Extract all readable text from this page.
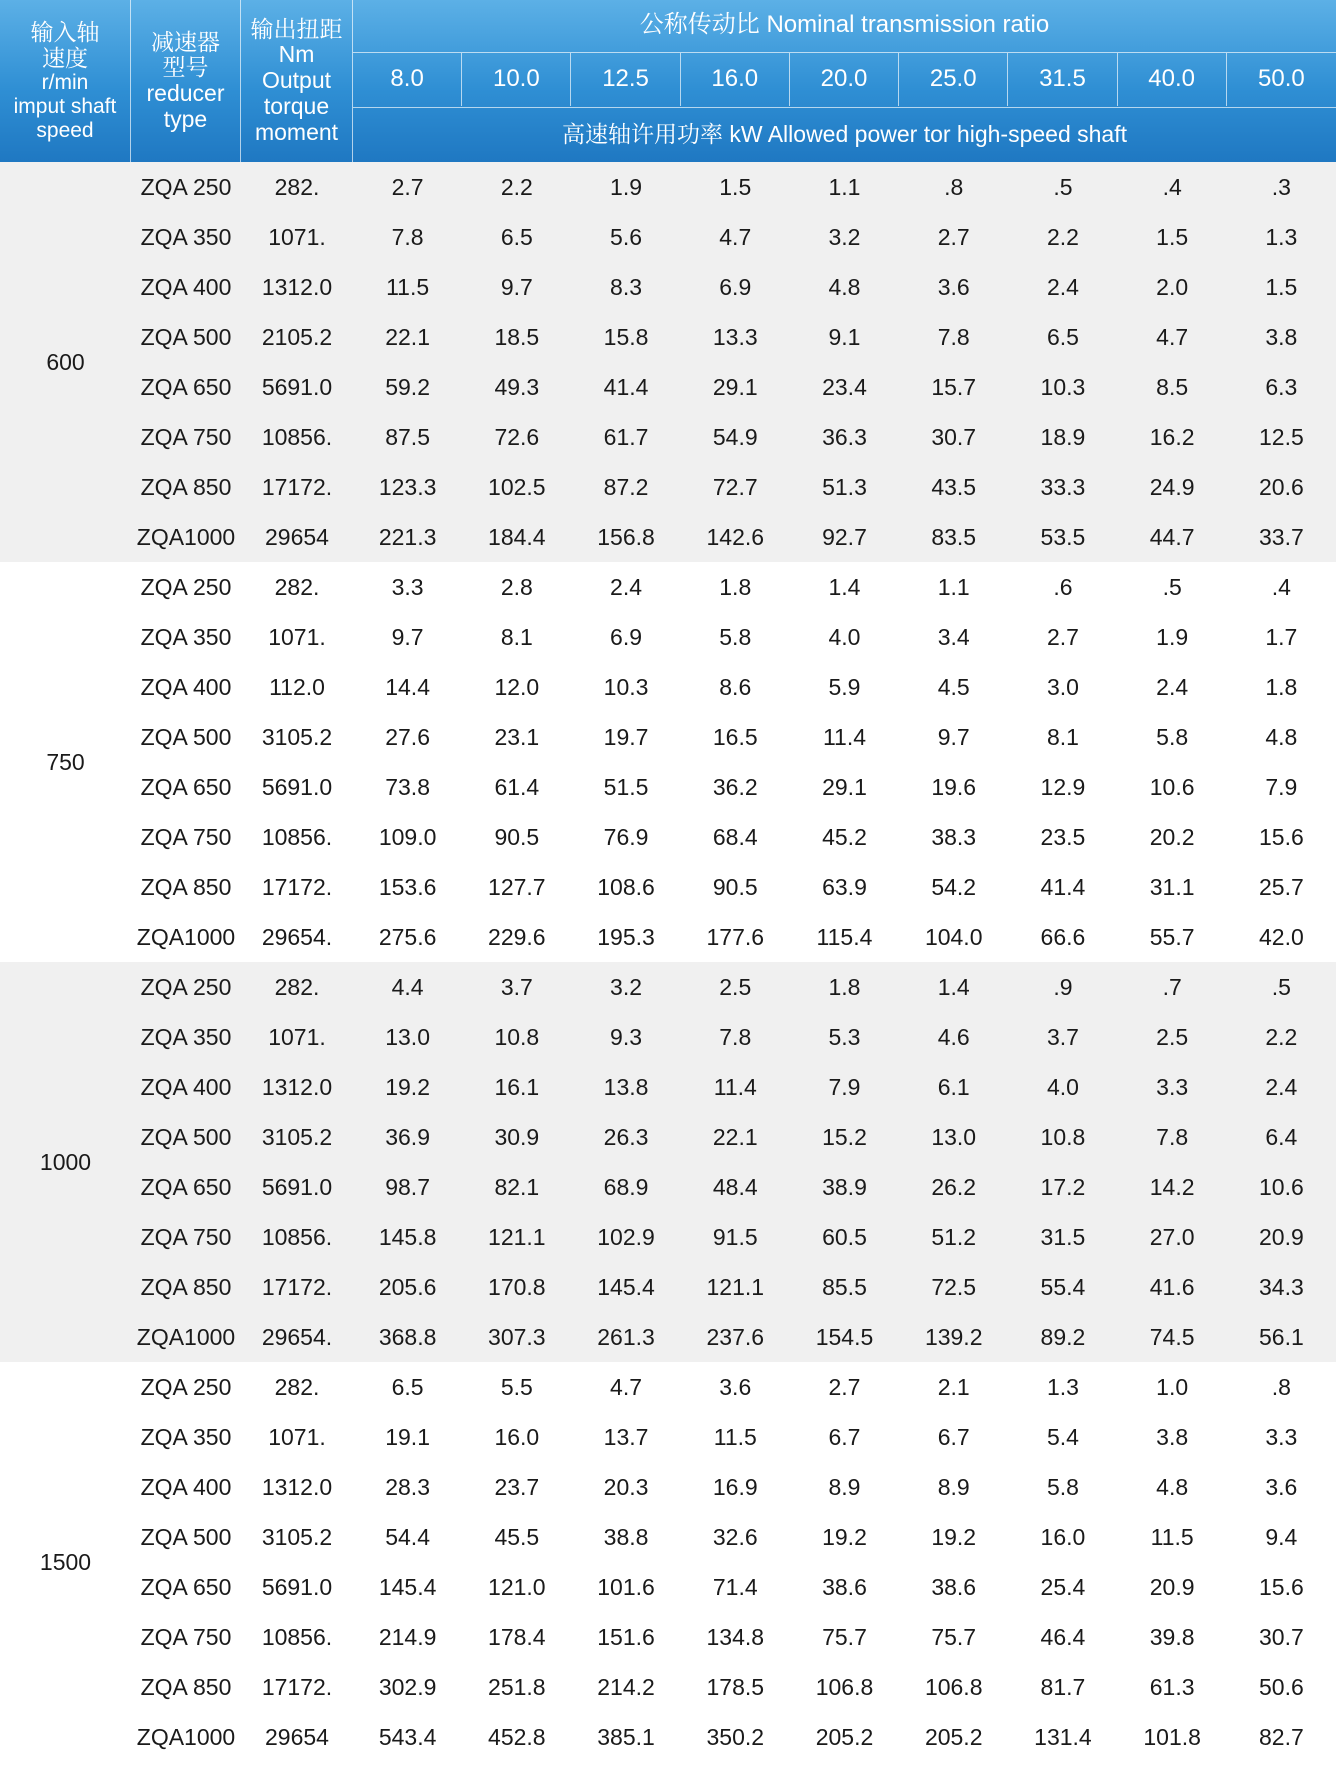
输入轴
速度
r/min
imput shaft
speed
减速器
型号
reducer
type
输出扭距
Nm
Output
torque
moment
公称传动比 Nominal transmission ratio
8.0	10.0	12.5	16.0	20.0	25.0	31.5	40.0	50.0
高速轴许用功率 kW Allowed power tor high-speed shaft
600
ZQA 250	282.	2.7	2.2	1.9	1.5	1.1	.8	.5	.4	.3
ZQA 350	1071.	7.8	6.5	5.6	4.7	3.2	2.7	2.2	1.5	1.3
ZQA 400	1312.0	11.5	9.7	8.3	6.9	4.8	3.6	2.4	2.0	1.5
ZQA 500	2105.2	22.1	18.5	15.8	13.3	9.1	7.8	6.5	4.7	3.8
ZQA 650	5691.0	59.2	49.3	41.4	29.1	23.4	15.7	10.3	8.5	6.3
ZQA 750	10856.	87.5	72.6	61.7	54.9	36.3	30.7	18.9	16.2	12.5
ZQA 850	17172.	123.3	102.5	87.2	72.7	51.3	43.5	33.3	24.9	20.6
ZQA1000	29654	221.3	184.4	156.8	142.6	92.7	83.5	53.5	44.7	33.7
750
ZQA 250	282.	3.3	2.8	2.4	1.8	1.4	1.1	.6	.5	.4
ZQA 350	1071.	9.7	8.1	6.9	5.8	4.0	3.4	2.7	1.9	1.7
ZQA 400	112.0	14.4	12.0	10.3	8.6	5.9	4.5	3.0	2.4	1.8
ZQA 500	3105.2	27.6	23.1	19.7	16.5	11.4	9.7	8.1	5.8	4.8
ZQA 650	5691.0	73.8	61.4	51.5	36.2	29.1	19.6	12.9	10.6	7.9
ZQA 750	10856.	109.0	90.5	76.9	68.4	45.2	38.3	23.5	20.2	15.6
ZQA 850	17172.	153.6	127.7	108.6	90.5	63.9	54.2	41.4	31.1	25.7
ZQA1000	29654.	275.6	229.6	195.3	177.6	115.4	104.0	66.6	55.7	42.0
1000
ZQA 250	282.	4.4	3.7	3.2	2.5	1.8	1.4	.9	.7	.5
ZQA 350	1071.	13.0	10.8	9.3	7.8	5.3	4.6	3.7	2.5	2.2
ZQA 400	1312.0	19.2	16.1	13.8	11.4	7.9	6.1	4.0	3.3	2.4
ZQA 500	3105.2	36.9	30.9	26.3	22.1	15.2	13.0	10.8	7.8	6.4
ZQA 650	5691.0	98.7	82.1	68.9	48.4	38.9	26.2	17.2	14.2	10.6
ZQA 750	10856.	145.8	121.1	102.9	91.5	60.5	51.2	31.5	27.0	20.9
ZQA 850	17172.	205.6	170.8	145.4	121.1	85.5	72.5	55.4	41.6	34.3
ZQA1000	29654.	368.8	307.3	261.3	237.6	154.5	139.2	89.2	74.5	56.1
1500
ZQA 250	282.	6.5	5.5	4.7	3.6	2.7	2.1	1.3	1.0	.8
ZQA 350	1071.	19.1	16.0	13.7	11.5	6.7	6.7	5.4	3.8	3.3
ZQA 400	1312.0	28.3	23.7	20.3	16.9	8.9	8.9	5.8	4.8	3.6
ZQA 500	3105.2	54.4	45.5	38.8	32.6	19.2	19.2	16.0	11.5	9.4
ZQA 650	5691.0	145.4	121.0	101.6	71.4	38.6	38.6	25.4	20.9	15.6
ZQA 750	10856.	214.9	178.4	151.6	134.8	75.7	75.7	46.4	39.8	30.7
ZQA 850	17172.	302.9	251.8	214.2	178.5	106.8	106.8	81.7	61.3	50.6
ZQA1000	29654	543.4	452.8	385.1	350.2	205.2	205.2	131.4	101.8	82.7
